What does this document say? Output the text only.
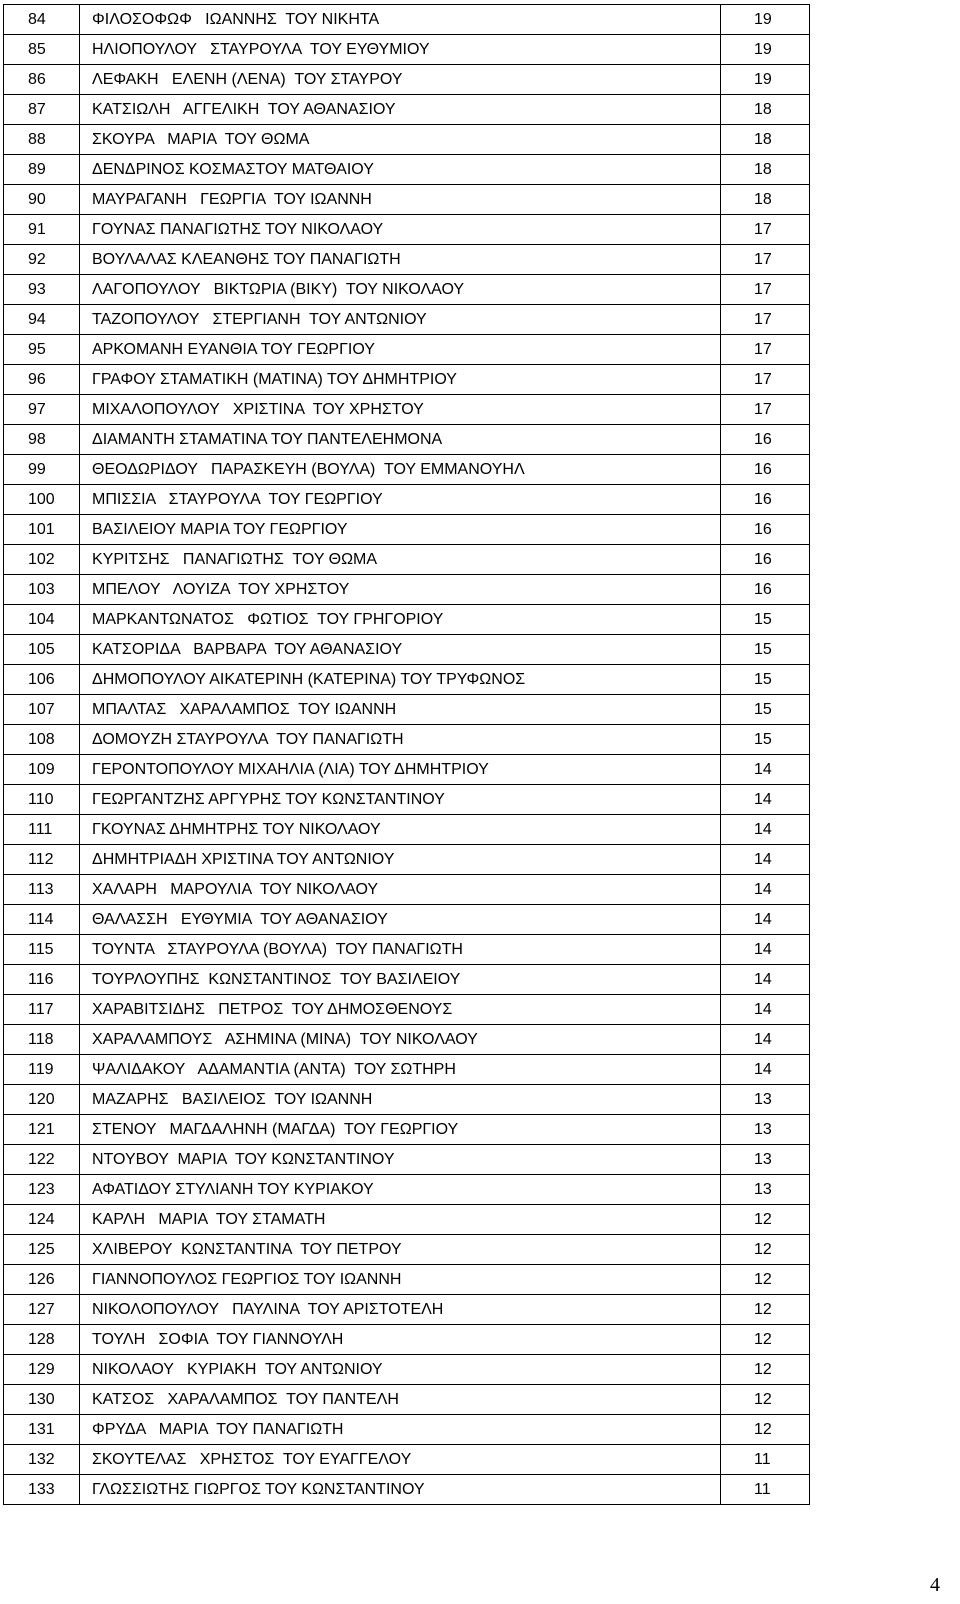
84	ΦΙΛΟΣΟΦΩΦ   ΙΩΑΝΝΗΣ  ΤΟΥ ΝΙΚΗΤΑ	19
85	ΗΛΙΟΠΟΥΛΟΥ   ΣΤΑΥΡΟΥΛΑ  ΤΟΥ ΕΥΘΥΜΙΟΥ	19
86	ΛΕΦΑΚΗ   ΕΛΕΝΗ (ΛΕΝΑ)  ΤΟΥ ΣΤΑΥΡΟΥ	19
87	ΚΑΤΣΙΩΛΗ   ΑΓΓΕΛΙΚΗ  ΤΟΥ ΑΘΑΝΑΣΙΟΥ	18
88	ΣΚΟΥΡΑ   ΜΑΡΙΑ  ΤΟΥ ΘΩΜΑ	18
89	ΔΕΝΔΡΙΝΟΣ ΚΟΣΜΑΣΤΟΥ ΜΑΤΘΑΙΟΥ	18
90	ΜΑΥΡΑΓΑΝΗ   ΓΕΩΡΓΙΑ  ΤΟΥ ΙΩΑΝΝΗ	18
91	ΓΟΥΝΑΣ ΠΑΝΑΓΙΩΤΗΣ ΤΟΥ ΝΙΚΟΛΑΟΥ	17
92	ΒΟΥΛΑΛΑΣ ΚΛΕΑΝΘΗΣ ΤΟΥ ΠΑΝΑΓΙΩΤΗ	17
93	ΛΑΓΟΠΟΥΛΟΥ   ΒΙΚΤΩΡΙΑ (ΒΙΚΥ)  ΤΟΥ ΝΙΚΟΛΑΟΥ	17
94	ΤΑΖΟΠΟΥΛΟΥ   ΣΤΕΡΓΙΑΝΗ  ΤΟΥ ΑΝΤΩΝΙΟΥ	17
95	ΑΡΚΟΜΑΝΗ ΕΥΑΝΘΙΑ ΤΟΥ ΓΕΩΡΓΙΟΥ	17
96	ΓΡΑΦΟΥ ΣΤΑΜΑΤΙΚΗ (ΜΑΤΙΝΑ) ΤΟΥ ΔΗΜΗΤΡΙΟΥ	17
97	ΜΙΧΑΛΟΠΟΥΛΟΥ   ΧΡΙΣΤΙΝΑ  ΤΟΥ ΧΡΗΣΤΟΥ	17
98	ΔΙΑΜΑΝΤΗ ΣΤΑΜΑΤΙΝΑ ΤΟΥ ΠΑΝΤΕΛΕΗΜΟΝΑ	16
99	ΘΕΟΔΩΡΙΔΟΥ   ΠΑΡΑΣΚΕΥΗ (ΒΟΥΛΑ)  ΤΟΥ ΕΜΜΑΝΟΥΗΛ	16
100	ΜΠΙΣΣΙΑ   ΣΤΑΥΡΟΥΛΑ  ΤΟΥ ΓΕΩΡΓΙΟΥ	16
101	ΒΑΣΙΛΕΙΟΥ ΜΑΡΙΑ ΤΟΥ ΓΕΩΡΓΙΟΥ	16
102	ΚΥΡΙΤΣΗΣ   ΠΑΝΑΓΙΩΤΗΣ  ΤΟΥ ΘΩΜΑ	16
103	ΜΠΕΛΟΥ   ΛΟΥΙΖΑ  ΤΟΥ ΧΡΗΣΤΟΥ	16
104	ΜΑΡΚΑΝΤΩΝΑΤΟΣ   ΦΩΤΙΟΣ  ΤΟΥ ΓΡΗΓΟΡΙΟΥ	15
105	ΚΑΤΣΟΡΙΔΑ   ΒΑΡΒΑΡΑ  ΤΟΥ ΑΘΑΝΑΣΙΟΥ	15
106	ΔΗΜΟΠΟΥΛΟΥ ΑΙΚΑΤΕΡΙΝΗ (ΚΑΤΕΡΙΝΑ) ΤΟΥ ΤΡΥΦΩΝΟΣ	15
107	ΜΠΑΛΤΑΣ   ΧΑΡΑΛΑΜΠΟΣ  ΤΟΥ ΙΩΑΝΝΗ	15
108	ΔΟΜΟΥΖΗ ΣΤΑΥΡΟΥΛΑ  ΤΟΥ ΠΑΝΑΓΙΩΤΗ	15
109	ΓΕΡΟΝΤΟΠΟΥΛΟΥ ΜΙΧΑΗΛΙΑ (ΛΙΑ) ΤΟΥ ΔΗΜΗΤΡΙΟΥ	14
110	ΓΕΩΡΓΑΝΤΖΗΣ ΑΡΓΥΡΗΣ ΤΟΥ ΚΩΝΣΤΑΝΤΙΝΟΥ	14
111	ΓΚΟΥΝΑΣ ΔΗΜΗΤΡΗΣ ΤΟΥ ΝΙΚΟΛΑΟΥ	14
112	ΔΗΜΗΤΡΙΑΔΗ ΧΡΙΣΤΙΝΑ ΤΟΥ ΑΝΤΩΝΙΟΥ	14
113	ΧΑΛΑΡΗ   ΜΑΡΟΥΛΙΑ  ΤΟΥ ΝΙΚΟΛΑΟΥ	14
114	ΘΑΛΑΣΣΗ   ΕΥΘΥΜΙΑ  ΤΟΥ ΑΘΑΝΑΣΙΟΥ	14
115	ΤΟΥΝΤΑ   ΣΤΑΥΡΟΥΛΑ (ΒΟΥΛΑ)  ΤΟΥ ΠΑΝΑΓΙΩΤΗ	14
116	ΤΟΥΡΛΟΥΠΗΣ  ΚΩΝΣΤΑΝΤΙΝΟΣ  ΤΟΥ ΒΑΣΙΛΕΙΟΥ	14
117	ΧΑΡΑΒΙΤΣΙΔΗΣ   ΠΕΤΡΟΣ  ΤΟΥ ΔΗΜΟΣΘΕΝΟΥΣ	14
118	ΧΑΡΑΛΑΜΠΟΥΣ   ΑΣΗΜΙΝΑ (ΜΙΝΑ)  ΤΟΥ ΝΙΚΟΛΑΟΥ	14
119	ΨΑΛΙΔΑΚΟΥ   ΑΔΑΜΑΝΤΙΑ (ΑΝΤΑ)  ΤΟΥ ΣΩΤΗΡΗ	14
120	ΜΑΖΑΡΗΣ   ΒΑΣΙΛΕΙΟΣ  ΤΟΥ ΙΩΑΝΝΗ	13
121	ΣΤΕΝΟΥ   ΜΑΓΔΑΛΗΝΗ (ΜΑΓΔΑ)  ΤΟΥ ΓΕΩΡΓΙΟΥ	13
122	ΝΤΟΥΒΟΥ  ΜΑΡΙΑ  ΤΟΥ ΚΩΝΣΤΑΝΤΙΝΟΥ	13
123	ΑΦΑΤΙΔΟΥ ΣΤΥΛΙΑΝΗ ΤΟΥ ΚΥΡΙΑΚΟΥ	13
124	ΚΑΡΛΗ   ΜΑΡΙΑ  ΤΟΥ ΣΤΑΜΑΤΗ	12
125	ΧΛΙΒΕΡΟΥ  ΚΩΝΣΤΑΝΤΙΝΑ  ΤΟΥ ΠΕΤΡΟΥ	12
126	ΓΙΑΝΝΟΠΟΥΛΟΣ ΓΕΩΡΓΙΟΣ ΤΟΥ ΙΩΑΝΝΗ	12
127	ΝΙΚΟΛΟΠΟΥΛΟΥ   ΠΑΥΛΙΝΑ  ΤΟΥ ΑΡΙΣΤΟΤΕΛΗ	12
128	ΤΟΥΛΗ   ΣΟΦΙΑ  ΤΟΥ ΓΙΑΝΝΟΥΛΗ	12
129	ΝΙΚΟΛΑΟΥ   ΚΥΡΙΑΚΗ  ΤΟΥ ΑΝΤΩΝΙΟΥ	12
130	ΚΑΤΣΟΣ   ΧΑΡΑΛΑΜΠΟΣ  ΤΟΥ ΠΑΝΤΕΛΗ	12
131	ΦΡΥΔΑ   ΜΑΡΙΑ  ΤΟΥ ΠΑΝΑΓΙΩΤΗ	12
132	ΣΚΟΥΤΕΛΑΣ   ΧΡΗΣΤΟΣ  ΤΟΥ ΕΥΑΓΓΕΛΟΥ	11
133	ΓΛΩΣΣΙΩΤΗΣ ΓΙΩΡΓΟΣ ΤΟΥ ΚΩΝΣΤΑΝΤΙΝΟΥ	11
4
